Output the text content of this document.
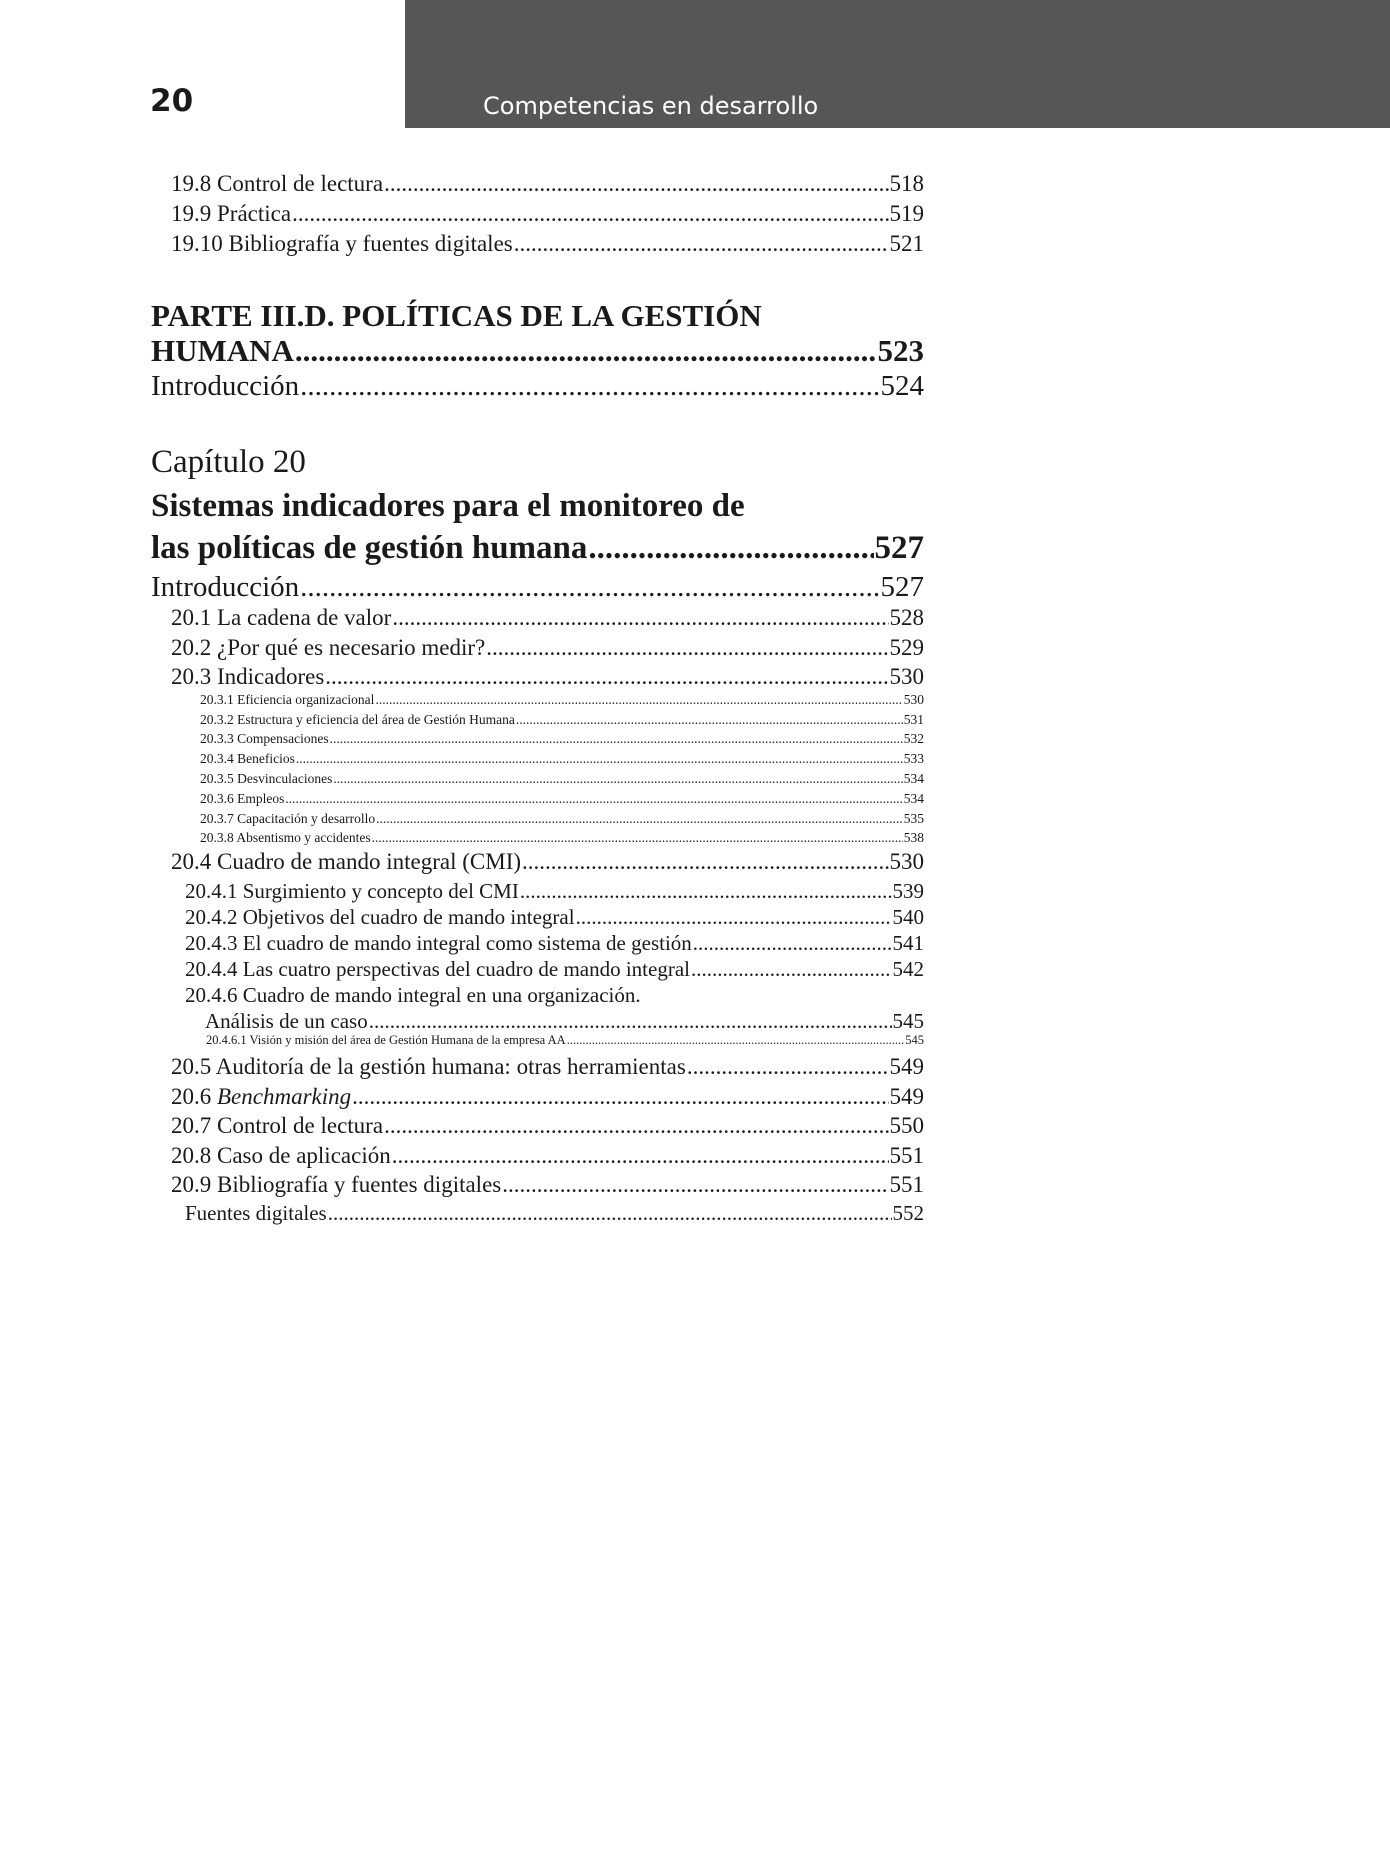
20	Competencias en desarrollo
19.8 Control de lectura .....	518
19.9 Práctica .....	519
19.10 Bibliografía y fuentes digitales .....	521
PARTE III.D. POLÍTICAS DE LA GESTIÓN
HUMANA .....	523
Introducción .....	524
Capítulo 20
Sistemas indicadores para el monitoreo de
las políticas de gestión humana .....	527
Introducción .....	527
20.1 La cadena de valor .....	528
20.2 ¿Por qué es necesario medir? .....	529
20.3 Indicadores .....	530
20.3.1 Eficiencia organizacional .....	530
20.3.2 Estructura y eficiencia del área de Gestión Humana .....	531
20.3.3 Compensaciones .....	532
20.3.4 Beneficios .....	533
20.3.5 Desvinculaciones .....	534
20.3.6 Empleos .....	534
20.3.7 Capacitación y desarrollo .....	535
20.3.8 Absentismo y accidentes .....	538
20.4 Cuadro de mando integral (CMI) .....	530
20.4.1 Surgimiento y concepto del CMI .....	539
20.4.2 Objetivos del cuadro de mando integral .....	540
20.4.3 El cuadro de mando integral como sistema de gestión .....	541
20.4.4 Las cuatro perspectivas del cuadro de mando integral .....	542
20.4.6 Cuadro de mando integral en una organización.
Análisis de un caso .....	545
20.4.6.1 Visión y misión del área de Gestión Humana de la empresa AA .....	545
20.5 Auditoría de la gestión humana: otras herramientas .....	549
20.6 Benchmarking .....	549
20.7 Control de lectura .....	550
20.8 Caso de aplicación .....	551
20.9 Bibliografía y fuentes digitales .....	551
Fuentes digitales .....	552
